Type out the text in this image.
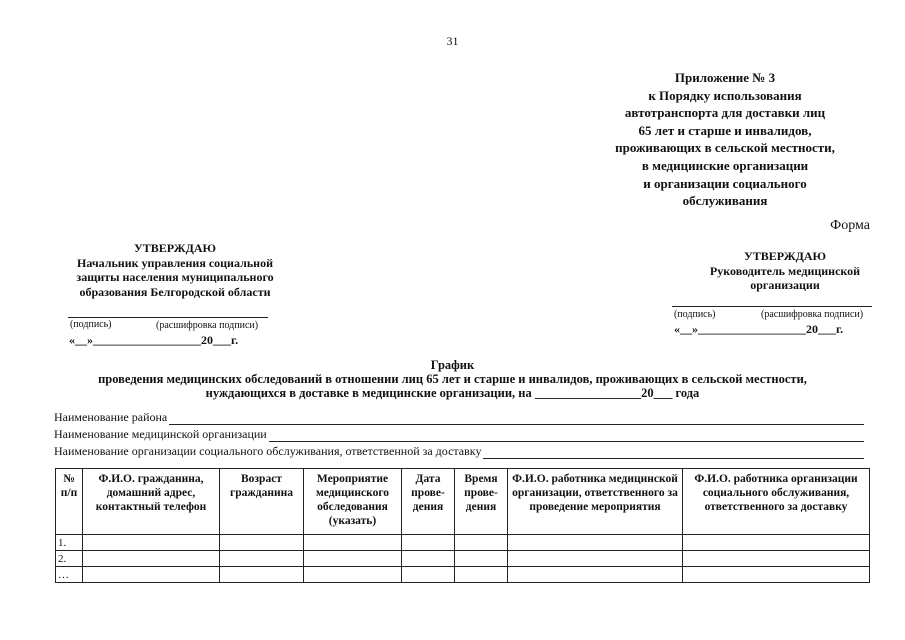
31
Приложение № 3
к Порядку использования
автотранспорта для доставки лиц
65 лет и старше и инвалидов,
проживающих в сельской местности,
в медицинские организации
и организации социального
обслуживания
Форма
УТВЕРЖДАЮ
Начальник управления социальной
защиты населения муниципального
образования Белгородской области
(подпись)	(расшифровка подписи)
«__»__________________20___г.
УТВЕРЖДАЮ
Руководитель медицинской
организации
(подпись)	(расшифровка подписи)
«__»__________________20___г.
График
проведения медицинских обследований в отношении лиц 65 лет и старше и инвалидов, проживающих в сельской местности,
нуждающихся в доставке в медицинские организации, на _________________20___ года
Наименование района
Наименование медицинской организации
Наименование организации социального обслуживания, ответственной за доставку
№ п/п	Ф.И.О. гражданина, домашний адрес, контактный телефон	Возраст гражданина	Мероприятие медицинского обследования (указать)	Дата прове- дения	Время прове- дения	Ф.И.О. работника медицинской организации, ответственного за проведение мероприятия	Ф.И.О. работника организации социального обслуживания, ответственного за доставку
1.							
2.							
…							
